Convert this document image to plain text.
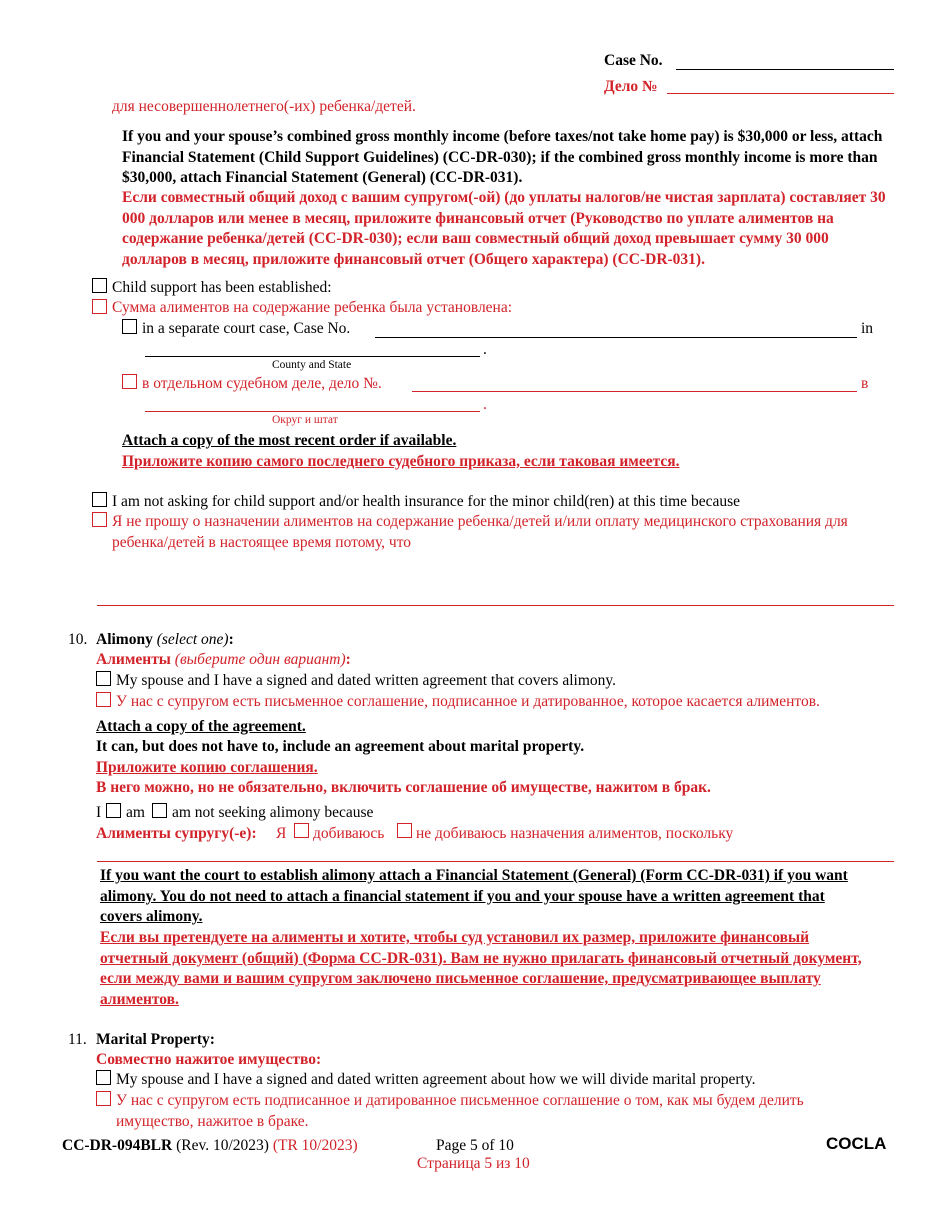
Case No.
Дело №
для несовершеннолетнего(-их) ребенка/детей.
If you and your spouse’s combined gross monthly income (before taxes/not take home pay) is $30,000 or less, attach Financial Statement (Child Support Guidelines) (CC-DR-030); if the combined gross monthly income is more than $30,000, attach Financial Statement (General) (CC-DR-031).
Если совместный общий доход с вашим супругом(-ой) (до уплаты налогов/не чистая зарплата) составляет 30 000 долларов или менее в месяц, приложите финансовый отчет (Руководство по уплате алиментов на содержание ребенка/детей (CC-DR-030); если ваш совместный общий доход превышает сумму 30 000 долларов в месяц, приложите финансовый отчет (Общего характера) (CC-DR-031).
Child support has been established:
Сумма алиментов на содержание ребенка была установлена:
in a separate court case, Case No.	in
.
County and State
в отдельном судебном деле, дело №.	в
.
Округ и штат
Attach a copy of the most recent order if available.
Приложите копию самого последнего судебного приказа, если таковая имеется.
I am not asking for child support and/or health insurance for the minor child(ren) at this time because
Я не прошу о назначении алиментов на содержание ребенка/детей и/или оплату медицинского страхования для ребенка/детей в настоящее время потому, что
10. Alimony (select one):
Алименты (выберите один вариант):
My spouse and I have a signed and dated written agreement that covers alimony.
У нас с супругом есть письменное соглашение, подписанное и датированное, которое касается алиментов.
Attach a copy of the agreement.
It can, but does not have to, include an agreement about marital property.
Приложите копию соглашения.
В него можно, но не обязательно, включить соглашение об имуществе, нажитом в брак.
I am am not seeking alimony because
Алименты супругу(-е): Я добиваюсь не добиваюсь назначения алиментов, поскольку
If you want the court to establish alimony attach a Financial Statement (General) (Form CC-DR-031) if you want alimony. You do not need to attach a financial statement if you and your spouse have a written agreement that covers alimony.
Если вы претендуете на алименты и хотите, чтобы суд установил их размер, приложите финансовый отчетный документ (общий) (Форма CC-DR-031). Вам не нужно прилагать финансовый отчетный документ, если между вами и вашим супругом заключено письменное соглашение, предусматривающее выплату алиментов.
11. Marital Property:
Совместно нажитое имущество:
My spouse and I have a signed and dated written agreement about how we will divide marital property.
У нас с супругом есть подписанное и датированное письменное соглашение о том, как мы будем делить имущество, нажитое в браке.
CC-DR-094BLR (Rev. 10/2023) (TR 10/2023)	Page 5 of 10
Страница 5 из 10
COCLA
